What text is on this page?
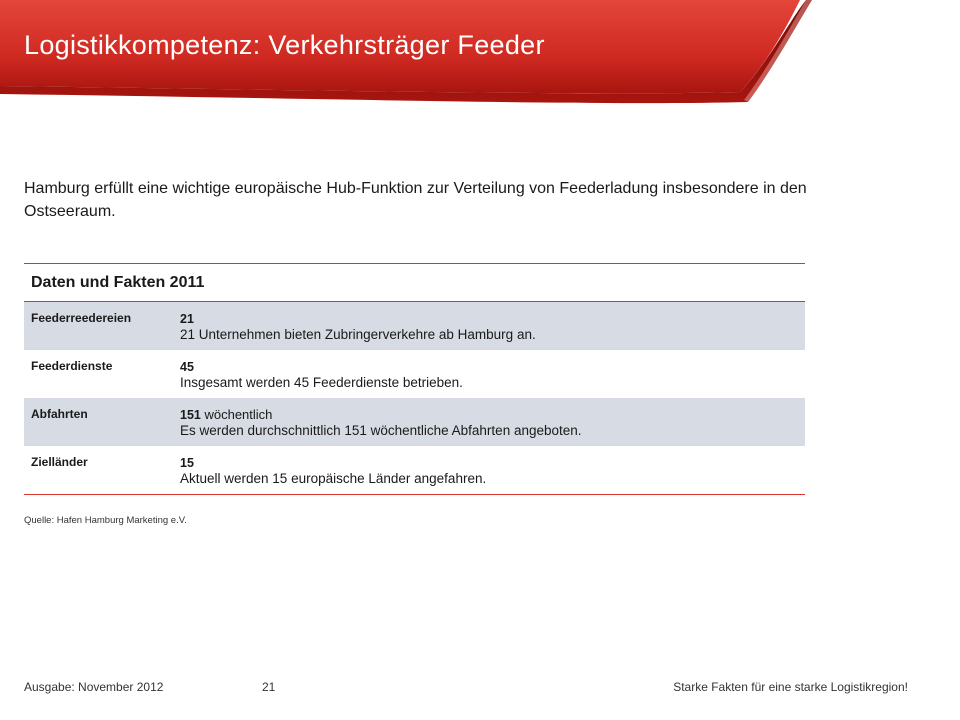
Logistikkompetenz: Verkehrsträger Feeder

Hamburg erfüllt eine wichtige europäische Hub-Funktion zur Verteilung von Feederladung insbesondere in den Ostseeraum.

Daten und Fakten 2011
Feederreedereien	21
21 Unternehmen bieten Zubringerverkehre ab Hamburg an.
Feederdienste	45
Insgesamt werden 45 Feederdienste betrieben.
Abfahrten	151 wöchentlich
Es werden durchschnittlich 151 wöchentliche Abfahrten angeboten.
Zielländer	15
Aktuell werden 15 europäische Länder angefahren.
Quelle: Hafen Hamburg Marketing e.V.
Ausgabe: November 2012	21	Starke Fakten für eine starke Logistikregion!
